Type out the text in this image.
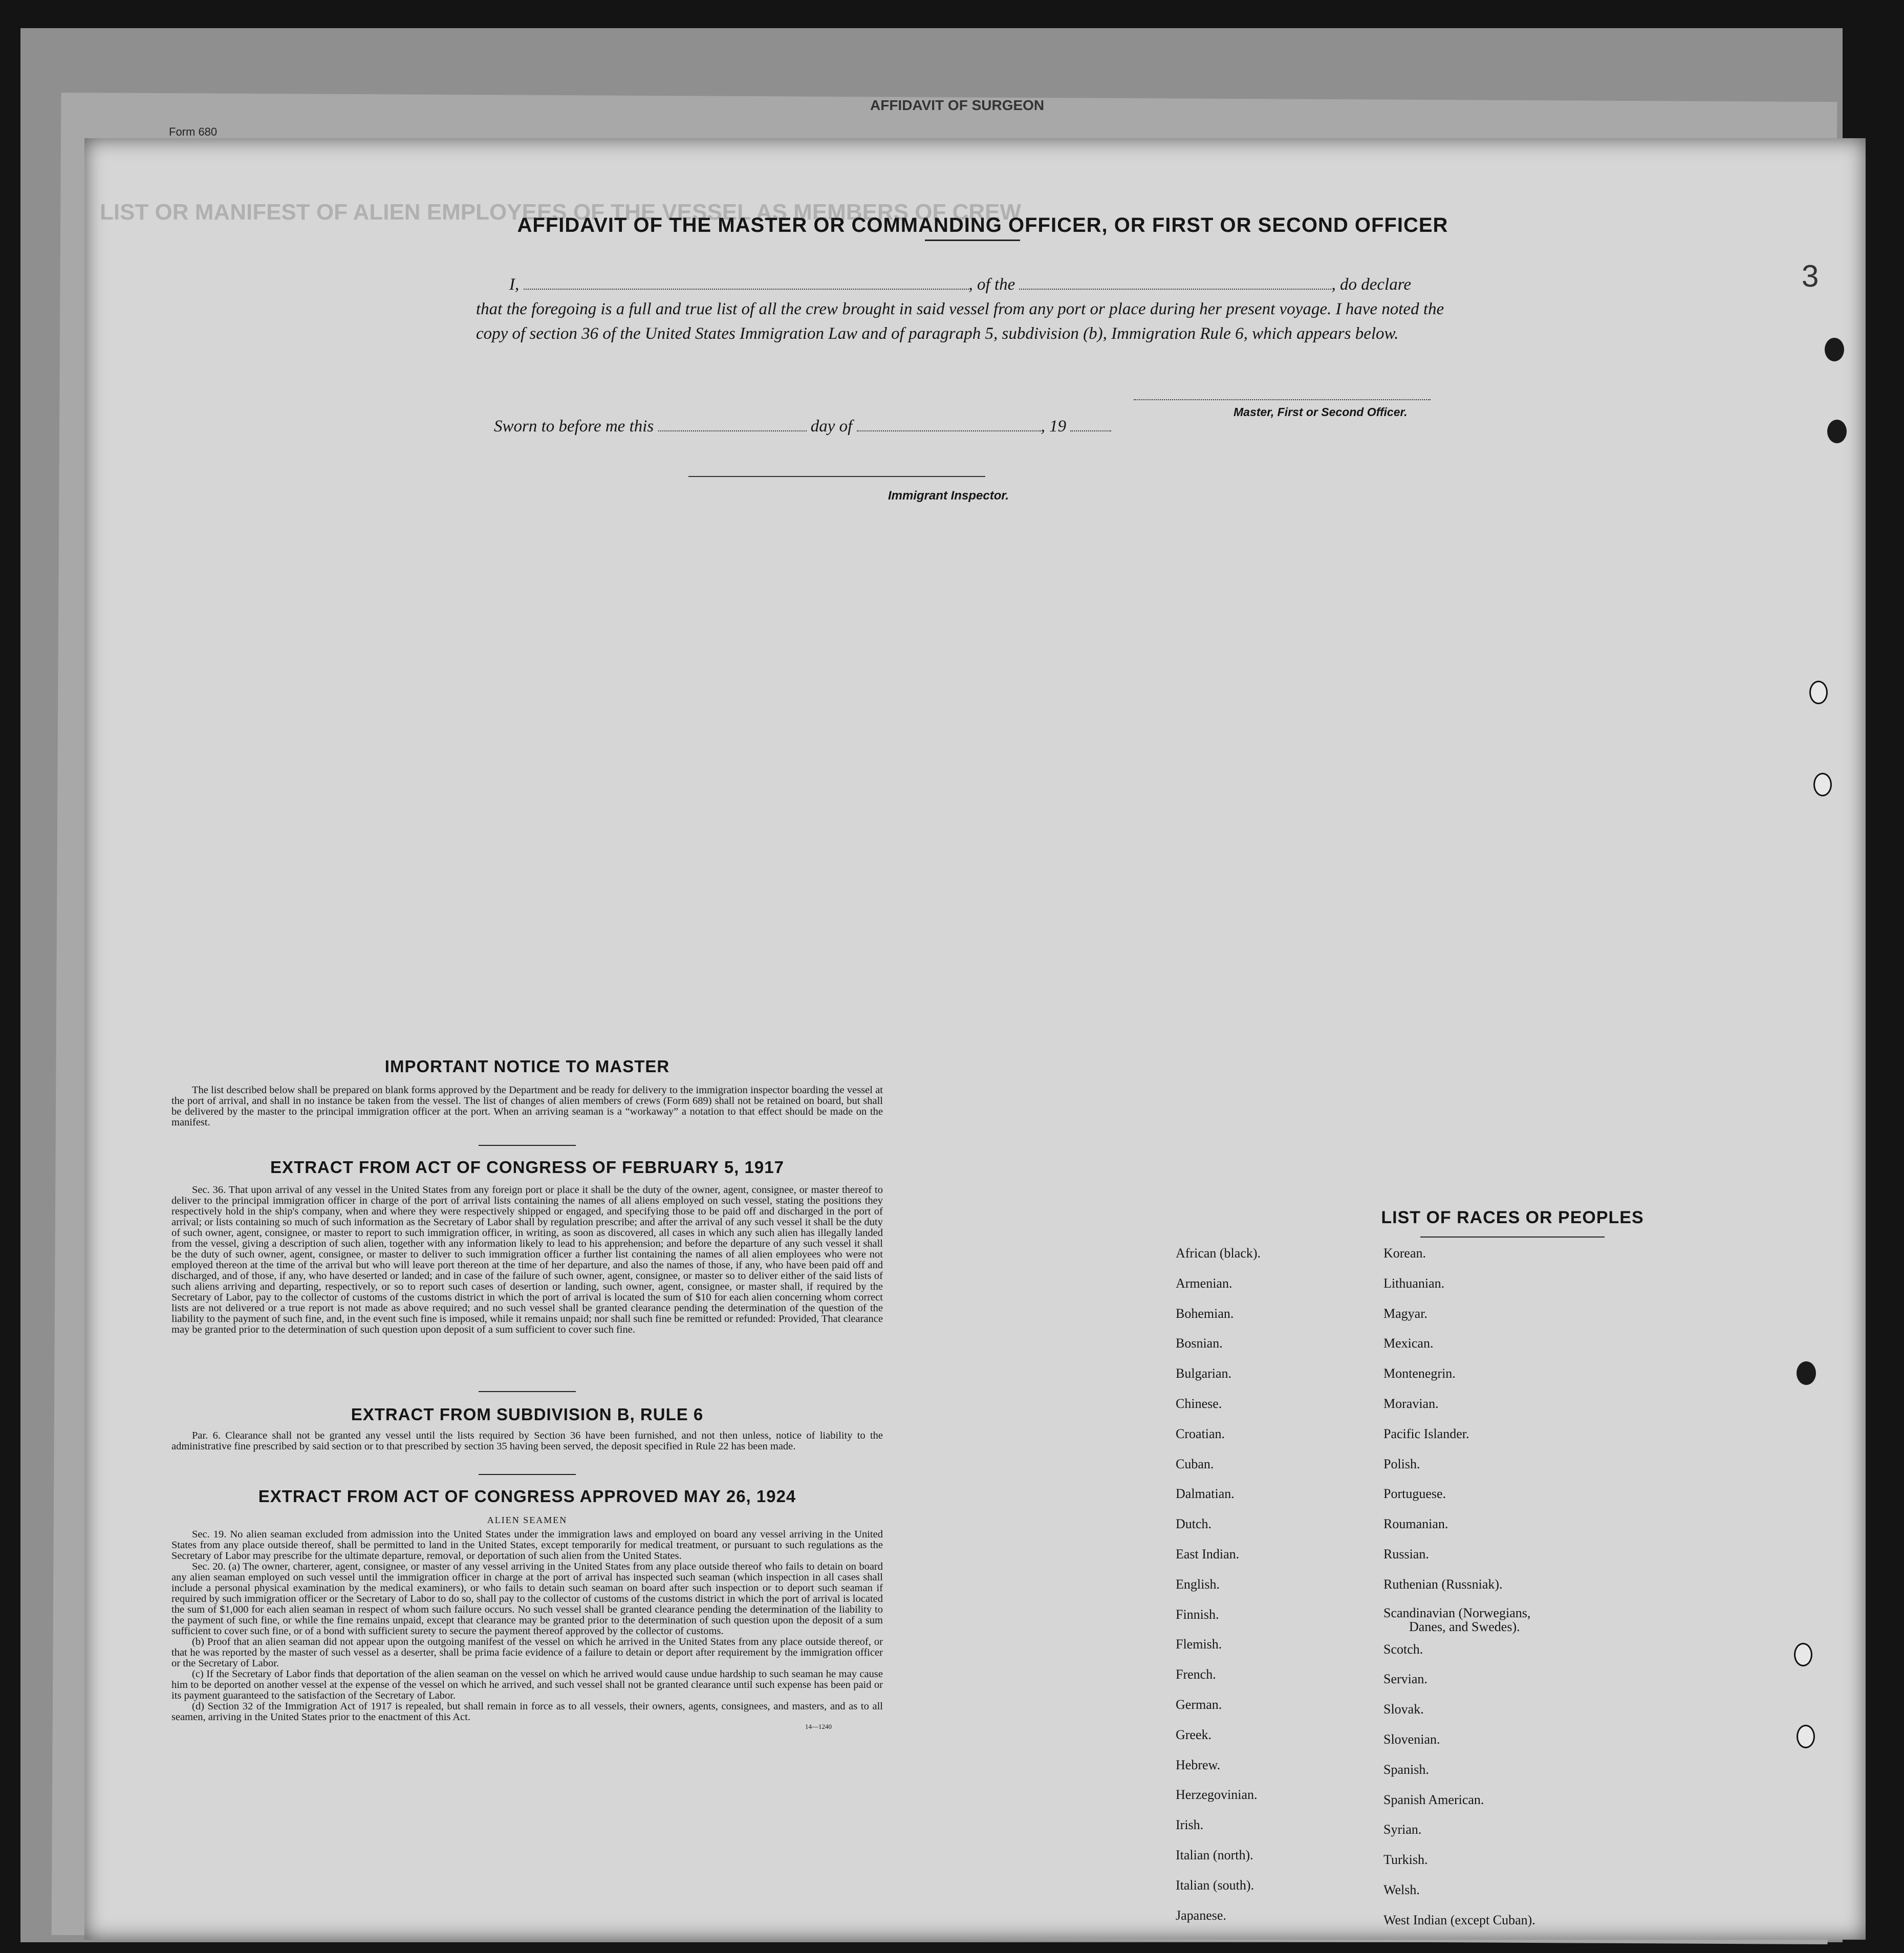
Form 680
AFFIDAVIT OF SURGEON
LIST OR MANIFEST OF ALIEN EMPLOYEES OF THE VESSEL AS MEMBERS OF CREW
3
AFFIDAVIT OF THE MASTER OR COMMANDING OFFICER, OR FIRST OR SECOND OFFICER
I,	, of the	, do declare
that the foregoing is a full and true list of all the crew brought in said vessel from any port or place during her present voyage. I have noted the copy of section 36 of the United States Immigration Law and of paragraph 5, subdivision (b), Immigration Rule 6, which appears below.
Master, First or Second Officer.
Sworn to before me this	day of	, 19
Immigrant Inspector.
IMPORTANT NOTICE TO MASTER
The list described below shall be prepared on blank forms approved by the Department and be ready for delivery to the immigration inspector boarding the vessel at the port of arrival, and shall in no instance be taken from the vessel. The list of changes of alien members of crews (Form 689) shall not be retained on board, but shall be delivered by the master to the principal immigration officer at the port. When an arriving seaman is a “workaway” a notation to that effect should be made on the manifest.
EXTRACT FROM ACT OF CONGRESS OF FEBRUARY 5, 1917
Sec. 36. That upon arrival of any vessel in the United States from any foreign port or place it shall be the duty of the owner, agent, consignee, or master thereof to deliver to the principal immigration officer in charge of the port of arrival lists containing the names of all aliens employed on such vessel, stating the positions they respectively hold in the ship's company, when and where they were respectively shipped or engaged, and specifying those to be paid off and discharged in the port of arrival; or lists containing so much of such information as the Secretary of Labor shall by regulation prescribe; and after the arrival of any such vessel it shall be the duty of such owner, agent, consignee, or master to report to such immigration officer, in writing, as soon as discovered, all cases in which any such alien has illegally landed from the vessel, giving a description of such alien, together with any information likely to lead to his apprehension; and before the departure of any such vessel it shall be the duty of such owner, agent, consignee, or master to deliver to such immigration officer a further list containing the names of all alien employees who were not employed thereon at the time of the arrival but who will leave port thereon at the time of her departure, and also the names of those, if any, who have been paid off and discharged, and of those, if any, who have deserted or landed; and in case of the failure of such owner, agent, consignee, or master so to deliver either of the said lists of such aliens arriving and departing, respectively, or so to report such cases of desertion or landing, such owner, agent, consignee, or master shall, if required by the Secretary of Labor, pay to the collector of customs of the customs district in which the port of arrival is located the sum of $10 for each alien concerning whom correct lists are not delivered or a true report is not made as above required; and no such vessel shall be granted clearance pending the determination of the question of the liability to the payment of such fine, and, in the event such fine is imposed, while it remains unpaid; nor shall such fine be remitted or refunded: Provided, That clearance may be granted prior to the determination of such question upon deposit of a sum sufficient to cover such fine.
EXTRACT FROM SUBDIVISION B, RULE 6
Par. 6. Clearance shall not be granted any vessel until the lists required by Section 36 have been furnished, and not then unless, notice of liability to the administrative fine prescribed by said section or to that prescribed by section 35 having been served, the deposit specified in Rule 22 has been made.
EXTRACT FROM ACT OF CONGRESS APPROVED MAY 26, 1924
ALIEN SEAMEN
Sec. 19. No alien seaman excluded from admission into the United States under the immigration laws and employed on board any vessel arriving in the United States from any place outside thereof, shall be permitted to land in the United States, except temporarily for medical treatment, or pursuant to such regulations as the Secretary of Labor may prescribe for the ultimate departure, removal, or deportation of such alien from the United States.
Sec. 20. (a) The owner, charterer, agent, consignee, or master of any vessel arriving in the United States from any place outside thereof who fails to detain on board any alien seaman employed on such vessel until the immigration officer in charge at the port of arrival has inspected such seaman (which inspection in all cases shall include a personal physical examination by the medical examiners), or who fails to detain such seaman on board after such inspection or to deport such seaman if required by such immigration officer or the Secretary of Labor to do so, shall pay to the collector of customs of the customs district in which the port of arrival is located the sum of $1,000 for each alien seaman in respect of whom such failure occurs. No such vessel shall be granted clearance pending the determination of the liability to the payment of such fine, or while the fine remains unpaid, except that clearance may be granted prior to the determination of such question upon the deposit of a sum sufficient to cover such fine, or of a bond with sufficient surety to secure the payment thereof approved by the collector of customs.
(b) Proof that an alien seaman did not appear upon the outgoing manifest of the vessel on which he arrived in the United States from any place outside thereof, or that he was reported by the master of such vessel as a deserter, shall be prima facie evidence of a failure to detain or deport after requirement by the immigration officer or the Secretary of Labor.
(c) If the Secretary of Labor finds that deportation of the alien seaman on the vessel on which he arrived would cause undue hardship to such seaman he may cause him to be deported on another vessel at the expense of the vessel on which he arrived, and such vessel shall not be granted clearance until such expense has been paid or its payment guaranteed to the satisfaction of the Secretary of Labor.
(d) Section 32 of the Immigration Act of 1917 is repealed, but shall remain in force as to all vessels, their owners, agents, consignees, and masters, and as to all seamen, arriving in the United States prior to the enactment of this Act.
14—1240
LIST OF RACES OR PEOPLES
African (black).
Armenian.
Bohemian.
Bosnian.
Bulgarian.
Chinese.
Croatian.
Cuban.
Dalmatian.
Dutch.
East Indian.
English.
Finnish.
Flemish.
French.
German.
Greek.
Hebrew.
Herzegovinian.
Irish.
Italian (north).
Italian (south).
Japanese.
Korean.
Lithuanian.
Magyar.
Mexican.
Montenegrin.
Moravian.
Pacific Islander.
Polish.
Portuguese.
Roumanian.
Russian.
Ruthenian (Russniak).
Scandinavian (Norwegians,
Danes, and Swedes).
Scotch.
Servian.
Slovak.
Slovenian.
Spanish.
Spanish American.
Syrian.
Turkish.
Welsh.
West Indian (except Cuban).
